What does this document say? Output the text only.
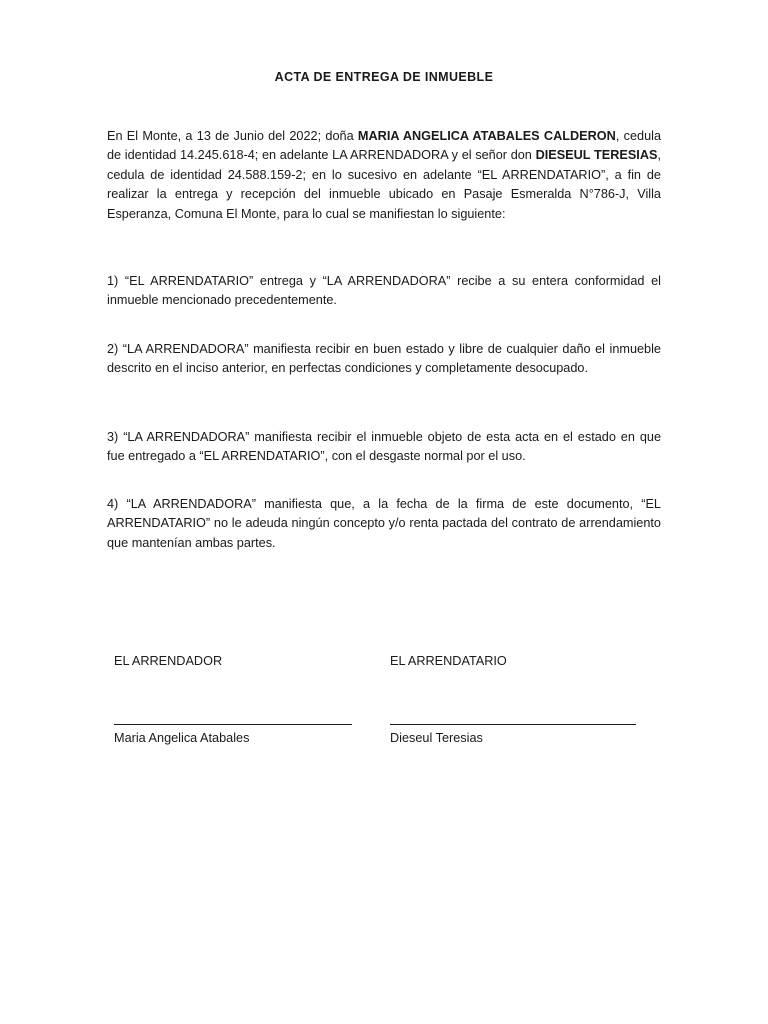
ACTA DE ENTREGA DE INMUEBLE

En El Monte, a 13 de Junio del 2022; doña MARIA ANGELICA ATABALES CALDERON, cedula de identidad 14.245.618-4; en adelante LA ARRENDADORA y el señor don DIESEUL TERESIAS, cedula de identidad 24.588.159-2; en lo sucesivo en adelante “EL ARRENDATARIO”, a fin de realizar la entrega y recepción del inmueble ubicado en Pasaje Esmeralda N°786-J, Villa Esperanza, Comuna El Monte, para lo cual se manifiestan lo siguiente:

1) “EL ARRENDATARIO” entrega y “LA ARRENDADORA” recibe a su entera conformidad el inmueble mencionado precedentemente.

2) “LA ARRENDADORA” manifiesta recibir en buen estado y libre de cualquier daño el inmueble descrito en el inciso anterior, en perfectas condiciones y completamente desocupado.

3) “LA ARRENDADORA” manifiesta recibir el inmueble objeto de esta acta en el estado en que fue entregado a “EL ARRENDATARIO”, con el desgaste normal por el uso.

4) “LA ARRENDADORA” manifiesta que, a la fecha de la firma de este documento, “EL ARRENDATARIO” no le adeuda ningún concepto y/o renta pactada del contrato de arrendamiento que mantenían ambas partes.

EL ARRENDADOR	EL ARRENDATARIO
Maria Angelica Atabales	Dieseul Teresias
